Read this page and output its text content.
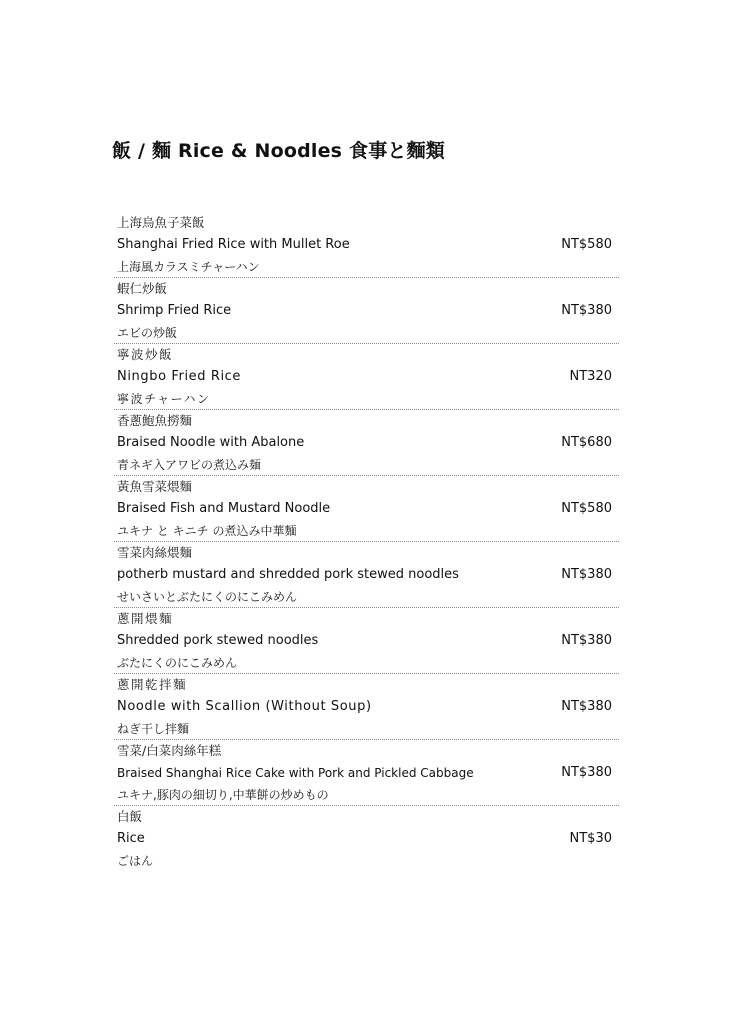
飯 / 麵 Rice & Noodles 食事と麵類
上海烏魚子菜飯
Shanghai Fried Rice with Mullet Roe
上海風カラスミチャーハン
NT$580
蝦仁炒飯
Shrimp Fried Rice
エビの炒飯
NT$380
寧波炒飯
Ningbo Fried Rice
寧波チャーハン
NT320
香蔥鮑魚撈麵
Braised Noodle with Abalone
青ネギ入アワビの煮込み麺
NT$680
黃魚雪菜煨麵
Braised Fish and Mustard Noodle
ユキナ と キニチ の煮込み中華麵
NT$580
雪菜肉絲煨麵
potherb mustard and shredded pork stewed noodles
せいさいとぶたにくのにこみめん
NT$380
蔥開煨麵
Shredded pork stewed noodles
ぶたにくのにこみめん
NT$380
蔥開乾拌麵
Noodle with Scallion (Without Soup)
ねぎ干し拌麵
NT$380
雪菜/白菜肉絲年糕
Braised Shanghai Rice Cake with Pork and Pickled Cabbage
ユキナ,豚肉の細切り,中華餅の炒めもの
NT$380
白飯
Rice
ごはん
NT$30
